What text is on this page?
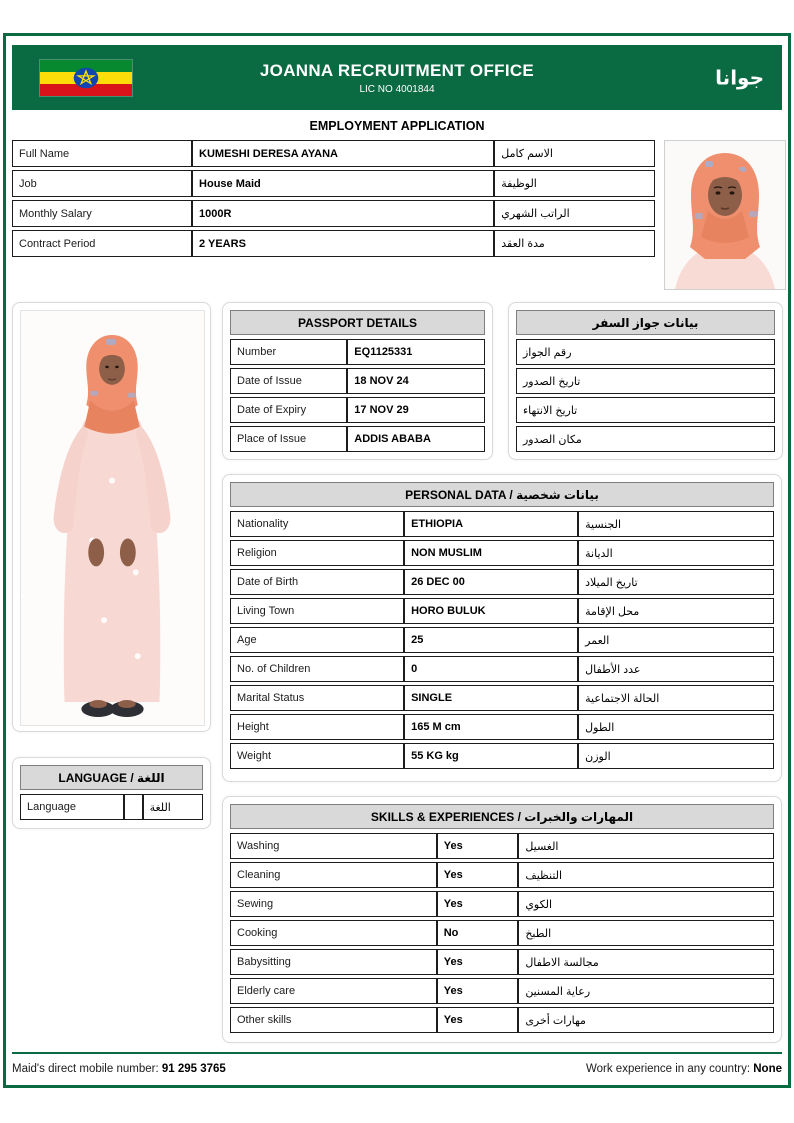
JOANNA RECRUITMENT OFFICE
LIC NO 4001844	جوانا
EMPLOYMENT APPLICATION
Full Name	KUMESHI DERESA AYANA	الاسم كامل
Job	House Maid	الوظيفة
Monthly Salary	1000R	الراتب الشهري
Contract Period	2 YEARS	مدة العقد
PASSPORT DETAILS
Number	EQ1125331
Date of Issue	18 NOV 24
Date of Expiry	17 NOV 29
Place of Issue	ADDIS ABABA
بيانات جواز السفر
رقم الجواز
تاريخ الصدور
تاريخ الانتهاء
مكان الصدور
PERSONAL DATA / بيانات شخصية
Nationality	ETHIOPIA	الجنسية
Religion	NON MUSLIM	الديانة
Date of Birth	26 DEC 00	تاريخ الميلاد
Living Town	HORO BULUK	محل الإقامة
Age	25	العمر
No. of Children	0	عدد الأطفال
Marital Status	SINGLE	الحالة الاجتماعية
Height	165 M cm	الطول
Weight	55 KG kg	الوزن
LANGUAGE / اللغة
Language	اللغة
SKILLS & EXPERIENCES / المهارات والخبرات
Washing	Yes	الغسيل
Cleaning	Yes	التنظيف
Sewing	Yes	الكوي
Cooking	No	الطبخ
Babysitting	Yes	مجالسة الاطفال
Elderly care	Yes	رعاية المسنين
Other skills	Yes	مهارات أخرى
Maid's direct mobile number: 91 295 3765	Work experience in any country: None
